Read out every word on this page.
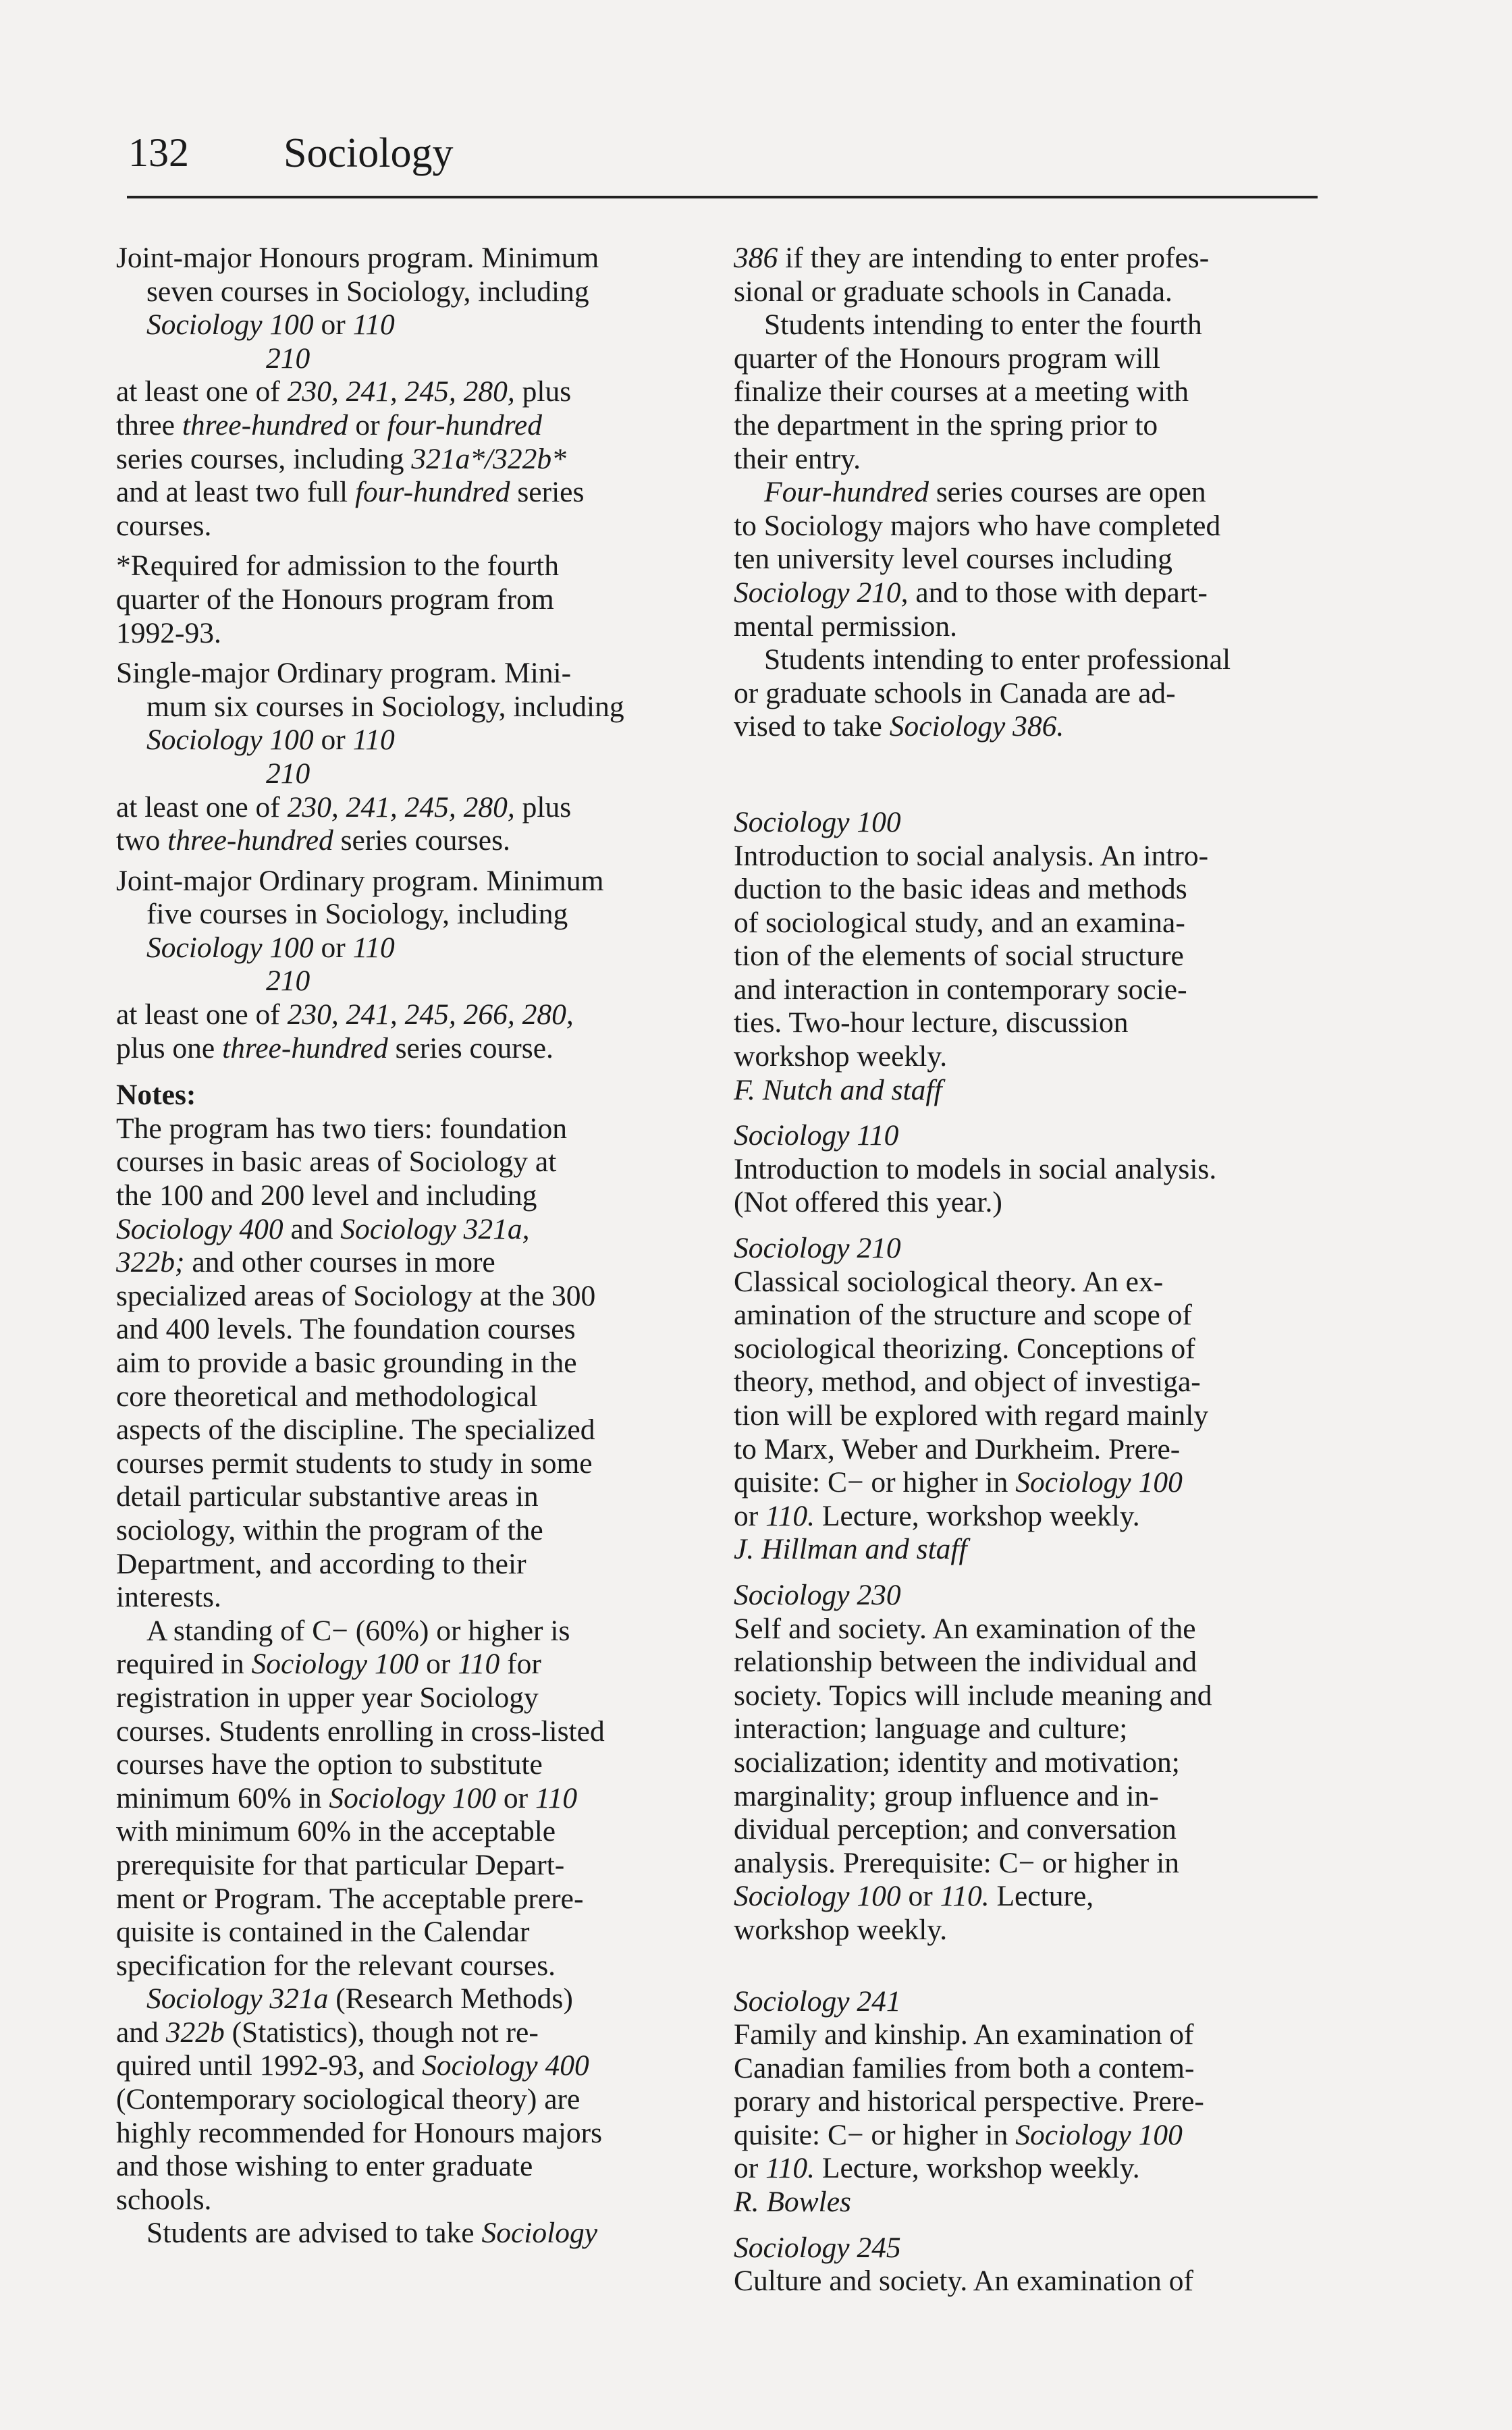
132 Sociology
Joint-major Honours program. Minimum
seven courses in Sociology, including
Sociology 100 or 110
210
at least one of 230, 241, 245, 280, plus
three three-hundred or four-hundred
series courses, including 321a*/322b*
and at least two full four-hundred series
courses.
*Required for admission to the fourth
quarter of the Honours program from
1992-93.
Single-major Ordinary program. Mini-
mum six courses in Sociology, including
Sociology 100 or 110
210
at least one of 230, 241, 245, 280, plus
two three-hundred series courses.
Joint-major Ordinary program. Minimum
five courses in Sociology, including
Sociology 100 or 110
210
at least one of 230, 241, 245, 266, 280,
plus one three-hundred series course.
Notes:
The program has two tiers: foundation
courses in basic areas of Sociology at
the 100 and 200 level and including
Sociology 400 and Sociology 321a,
322b; and other courses in more
specialized areas of Sociology at the 300
and 400 levels. The foundation courses
aim to provide a basic grounding in the
core theoretical and methodological
aspects of the discipline. The specialized
courses permit students to study in some
detail particular substantive areas in
sociology, within the program of the
Department, and according to their
interests.
A standing of C− (60%) or higher is
required in Sociology 100 or 110 for
registration in upper year Sociology
courses. Students enrolling in cross-listed
courses have the option to substitute
minimum 60% in Sociology 100 or 110
with minimum 60% in the acceptable
prerequisite for that particular Depart-
ment or Program. The acceptable prere-
quisite is contained in the Calendar
specification for the relevant courses.
Sociology 321a (Research Methods)
and 322b (Statistics), though not re-
quired until 1992-93, and Sociology 400
(Contemporary sociological theory) are
highly recommended for Honours majors
and those wishing to enter graduate
schools.
Students are advised to take Sociology
386 if they are intending to enter profes-
sional or graduate schools in Canada.
Students intending to enter the fourth
quarter of the Honours program will
finalize their courses at a meeting with
the department in the spring prior to
their entry.
Four-hundred series courses are open
to Sociology majors who have completed
ten university level courses including
Sociology 210, and to those with depart-
mental permission.
Students intending to enter professional
or graduate schools in Canada are ad-
vised to take Sociology 386.
Sociology 100
Introduction to social analysis. An intro-
duction to the basic ideas and methods
of sociological study, and an examina-
tion of the elements of social structure
and interaction in contemporary socie-
ties. Two-hour lecture, discussion
workshop weekly.
F. Nutch and staff
Sociology 110
Introduction to models in social analysis.
(Not offered this year.)
Sociology 210
Classical sociological theory. An ex-
amination of the structure and scope of
sociological theorizing. Conceptions of
theory, method, and object of investiga-
tion will be explored with regard mainly
to Marx, Weber and Durkheim. Prere-
quisite: C− or higher in Sociology 100
or 110. Lecture, workshop weekly.
J. Hillman and staff
Sociology 230
Self and society. An examination of the
relationship between the individual and
society. Topics will include meaning and
interaction; language and culture;
socialization; identity and motivation;
marginality; group influence and in-
dividual perception; and conversation
analysis. Prerequisite: C− or higher in
Sociology 100 or 110. Lecture,
workshop weekly.
Sociology 241
Family and kinship. An examination of
Canadian families from both a contem-
porary and historical perspective. Prere-
quisite: C− or higher in Sociology 100
or 110. Lecture, workshop weekly.
R. Bowles
Sociology 245
Culture and society. An examination of
